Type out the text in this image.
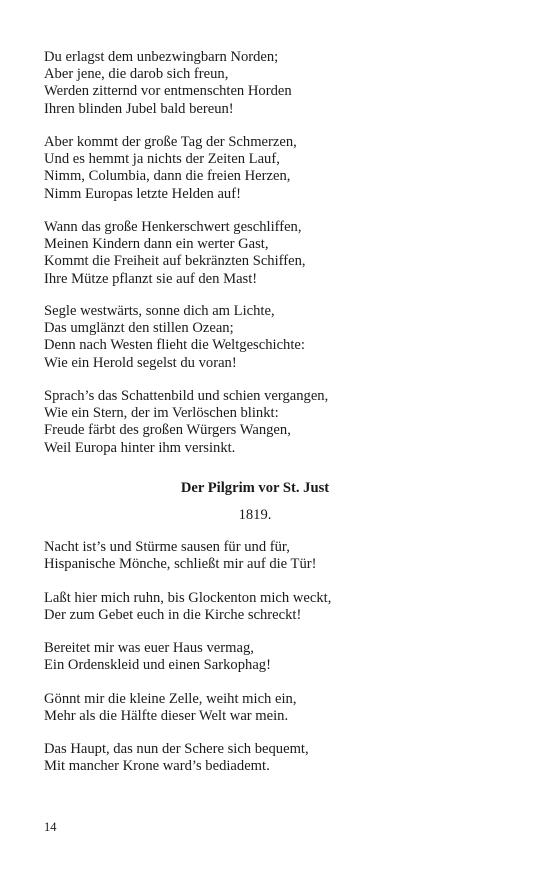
Du erlagst dem unbezwingbarn Norden;
Aber jene, die darob sich freun,
Werden zitternd vor entmenschten Horden
Ihren blinden Jubel bald bereun!
Aber kommt der große Tag der Schmerzen,
Und es hemmt ja nichts der Zeiten Lauf,
Nimm, Columbia, dann die freien Herzen,
Nimm Europas letzte Helden auf!
Wann das große Henkerschwert geschliffen,
Meinen Kindern dann ein werter Gast,
Kommt die Freiheit auf bekränzten Schiffen,
Ihre Mütze pflanzt sie auf den Mast!
Segle westwärts, sonne dich am Lichte,
Das umglänzt den stillen Ozean;
Denn nach Westen flieht die Weltgeschichte:
Wie ein Herold segelst du voran!
Sprach’s das Schattenbild und schien vergangen,
Wie ein Stern, der im Verlöschen blinkt:
Freude färbt des großen Würgers Wangen,
Weil Europa hinter ihm versinkt.
Der Pilgrim vor St. Just
1819.
Nacht ist’s und Stürme sausen für und für,
Hispanische Mönche, schließt mir auf die Tür!
Laßt hier mich ruhn, bis Glockenton mich weckt,
Der zum Gebet euch in die Kirche schreckt!
Bereitet mir was euer Haus vermag,
Ein Ordenskleid und einen Sarkophag!
Gönnt mir die kleine Zelle, weiht mich ein,
Mehr als die Hälfte dieser Welt war mein.
Das Haupt, das nun der Schere sich bequemt,
Mit mancher Krone ward’s bediademt.
14
